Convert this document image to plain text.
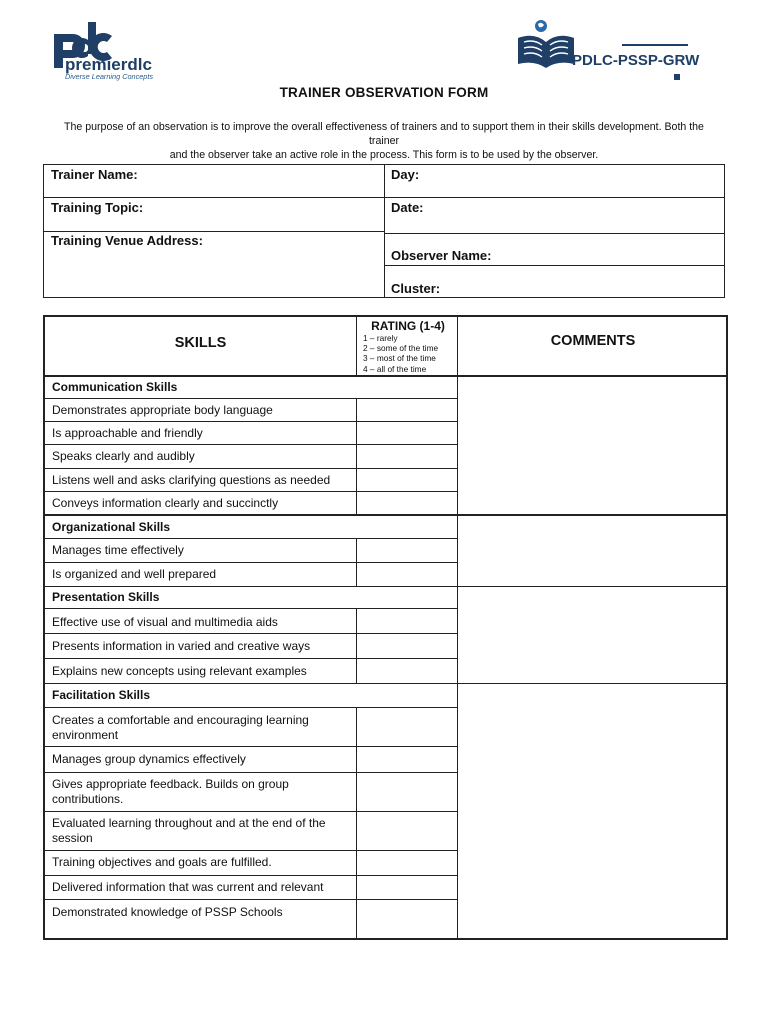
premierdlc
Diverse Learning Concepts
PDLC-PSSP-GRW
TRAINER OBSERVATION FORM
The purpose of an observation is to improve the overall effectiveness of trainers and to support them in their skills development. Both the trainer
and the observer take an active role in the process. This form is to be used by the observer.
Trainer Name:	Day:
Training Topic:	Date:
Training Venue Address:
Observer Name:
Cluster:
SKILLS
RATING (1-4)
1 – rarely
2 – some of the time
3 – most of the time
4 – all of the time
COMMENTS
Communication Skills
Demonstrates appropriate body language
Is approachable and friendly
Speaks clearly and audibly
Listens well and asks clarifying questions as needed
Conveys information clearly and succinctly
Organizational Skills
Manages time effectively
Is organized and well prepared
Presentation Skills
Effective use of visual and multimedia aids
Presents information in varied and creative ways
Explains new concepts using relevant examples
Facilitation Skills
Creates a comfortable and encouraging learning environment
Manages group dynamics effectively
Gives appropriate feedback. Builds on group contributions.
Evaluated learning throughout and at the end of the session
Training objectives and goals are fulfilled.
Delivered information that was current and relevant
Demonstrated knowledge of PSSP Schools
